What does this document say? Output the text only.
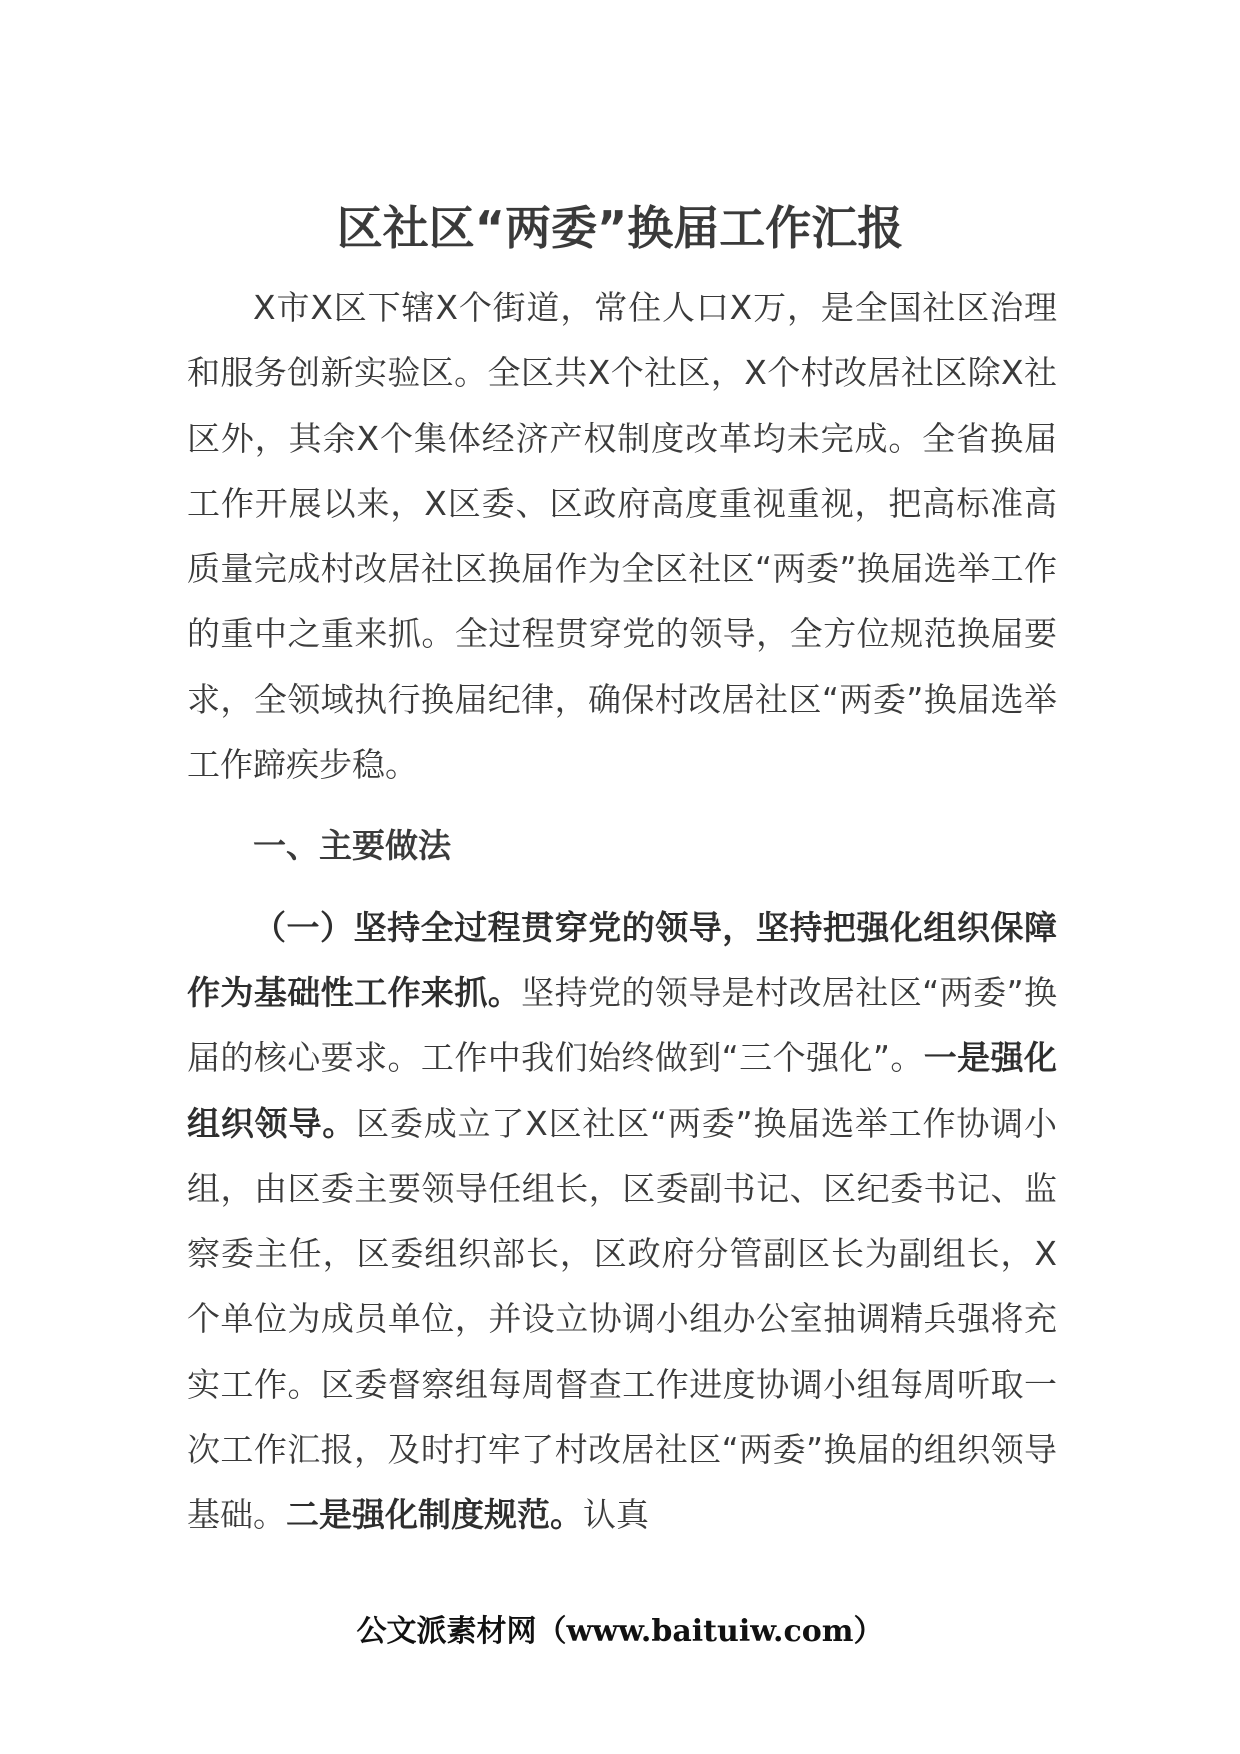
区社区“两委”换届工作汇报

X市X区下辖X个街道，常住人口X万，是全国社区治理和服务创新实验区。全区共X个社区，X个村改居社区除X社区外，其余X个集体经济产权制度改革均未完成。全省换届工作开展以来，X区委、区政府高度重视重视，把高标准高质量完成村改居社区换届作为全区社区“两委”换届选举工作的重中之重来抓。全过程贯穿党的领导，全方位规范换届要求，全领域执行换届纪律，确保村改居社区“两委”换届选举工作蹄疾步稳。

一、主要做法

（一）坚持全过程贯穿党的领导，坚持把强化组织保障作为基础性工作来抓。坚持党的领导是村改居社区“两委”换届的核心要求。工作中我们始终做到“三个强化”。一是强化组织领导。区委成立了X区社区“两委”换届选举工作协调小组，由区委主要领导任组长，区委副书记、区纪委书记、监察委主任，区委组织部长，区政府分管副区长为副组长，X个单位为成员单位，并设立协调小组办公室抽调精兵强将充实工作。区委督察组每周督查工作进度协调小组每周听取一次工作汇报，及时打牢了村改居社区“两委”换届的组织领导基础。二是强化制度规范。认真

公文派素材网（www.baituiw.com）
